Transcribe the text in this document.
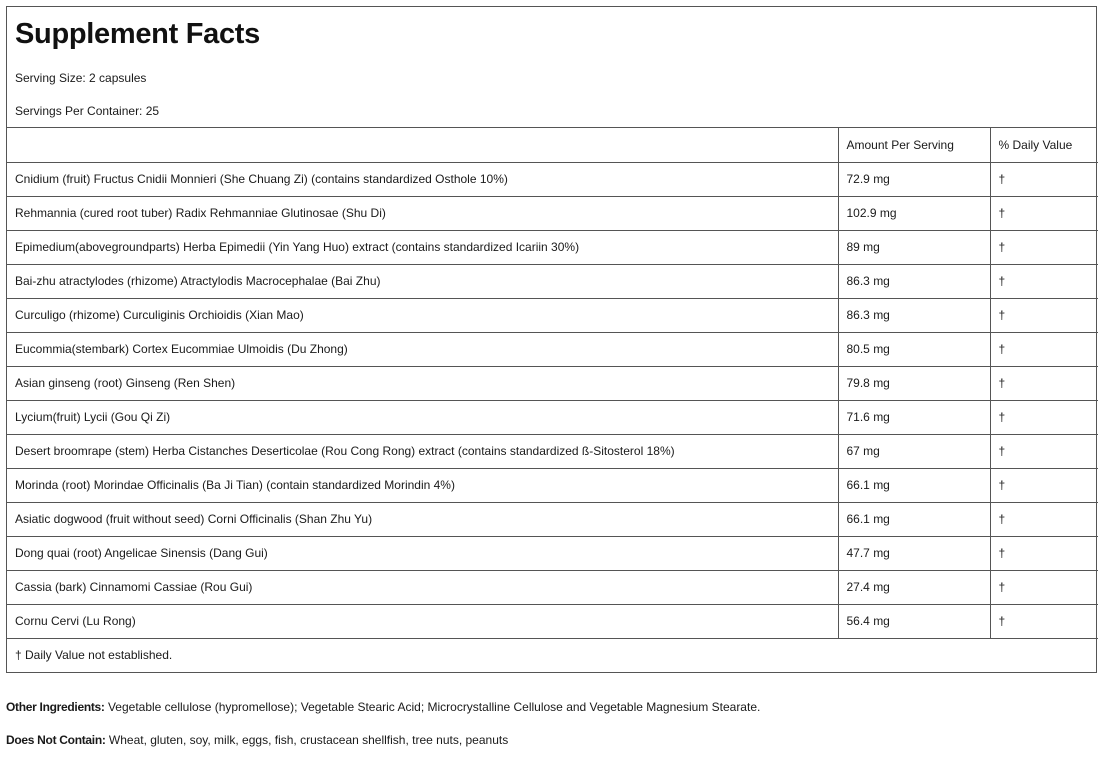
Supplement Facts

Serving Size: 2 capsules

Servings Per Container: 25

	Amount Per Serving	% Daily Value
Cnidium (fruit) Fructus Cnidii Monnieri (She Chuang Zi) (contains standardized Osthole 10%)	72.9 mg	†
Rehmannia (cured root tuber) Radix Rehmanniae Glutinosae (Shu Di)	102.9 mg	†
Epimedium(abovegroundparts) Herba Epimedii (Yin Yang Huo) extract (contains standardized Icariin 30%)	89 mg	†
Bai-zhu atractylodes (rhizome) Atractylodis Macrocephalae (Bai Zhu)	86.3 mg	†
Curculigo (rhizome) Curculiginis Orchioidis (Xian Mao)	86.3 mg	†
Eucommia(stembark) Cortex Eucommiae Ulmoidis (Du Zhong)	80.5 mg	†
Asian ginseng (root) Ginseng (Ren Shen)	79.8 mg	†
Lycium(fruit) Lycii (Gou Qi Zi)	71.6 mg	†
Desert broomrape (stem) Herba Cistanches Deserticolae (Rou Cong Rong) extract (contains standardized ß-Sitosterol 18%)	67 mg	†
Morinda (root) Morindae Officinalis (Ba Ji Tian) (contain standardized Morindin 4%)	66.1 mg	†
Asiatic dogwood (fruit without seed) Corni Officinalis (Shan Zhu Yu)	66.1 mg	†
Dong quai (root) Angelicae Sinensis (Dang Gui)	47.7 mg	†
Cassia (bark) Cinnamomi Cassiae (Rou Gui)	27.4 mg	†
Cornu Cervi (Lu Rong)	56.4 mg	†
† Daily Value not established.		
Other Ingredients: Vegetable cellulose (hypromellose); Vegetable Stearic Acid; Microcrystalline Cellulose and Vegetable Magnesium Stearate.
Does Not Contain: Wheat, gluten, soy, milk, eggs, fish, crustacean shellfish, tree nuts, peanuts
